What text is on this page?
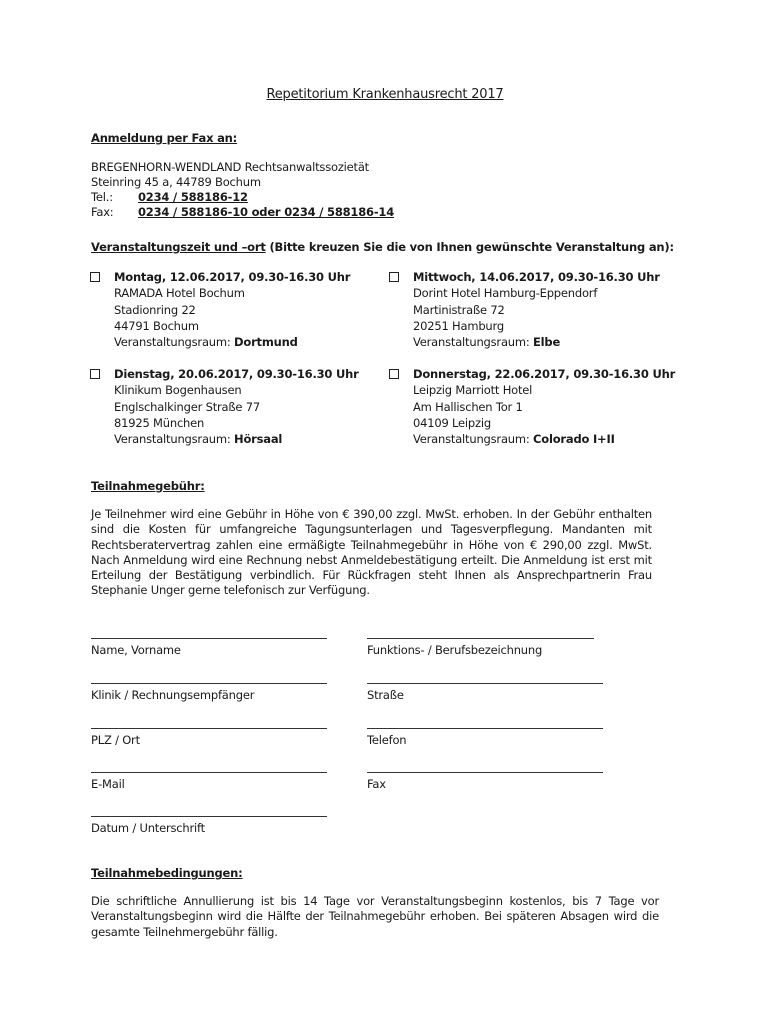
Repetitorium Krankenhausrecht 2017
Anmeldung per Fax an:
BREGENHORN-WENDLAND Rechtsanwaltssozietät
Steinring 45 a, 44789 Bochum
Tel.: 0234 / 588186-12
Fax: 0234 / 588186-10 oder 0234 / 588186-14
Veranstaltungszeit und –ort (Bitte kreuzen Sie die von Ihnen gewünschte Veranstaltung an):
Montag, 12.06.2017, 09.30-16.30 Uhr
RAMADA Hotel Bochum
Stadionring 22
44791 Bochum
Veranstaltungsraum: Dortmund
Mittwoch, 14.06.2017, 09.30-16.30 Uhr
Dorint Hotel Hamburg-Eppendorf
Martinistraße 72
20251 Hamburg
Veranstaltungsraum: Elbe
Dienstag, 20.06.2017, 09.30-16.30 Uhr
Klinikum Bogenhausen
Englschalkinger Straße 77
81925 München
Veranstaltungsraum: Hörsaal
Donnerstag, 22.06.2017, 09.30-16.30 Uhr
Leipzig Marriott Hotel
Am Hallischen Tor 1
04109 Leipzig
Veranstaltungsraum: Colorado I+II
Teilnahmegebühr:
Je Teilnehmer wird eine Gebühr in Höhe von € 390,00 zzgl. MwSt. erhoben. In der Gebühr enthalten sind die Kosten für umfangreiche Tagungsunterlagen und Tagesverpflegung. Mandanten mit Rechtsberatervertrag zahlen eine ermäßigte Teilnahmegebühr in Höhe von € 290,00 zzgl. MwSt. Nach Anmeldung wird eine Rechnung nebst Anmeldebestätigung erteilt. Die Anmeldung ist erst mit Erteilung der Bestätigung verbindlich. Für Rückfragen steht Ihnen als Ansprechpartnerin Frau Stephanie Unger gerne telefonisch zur Verfügung.
Name, Vorname	Funktions- / Berufsbezeichnung
Klinik / Rechnungsempfänger	Straße
PLZ / Ort	Telefon
E-Mail	Fax
Datum / Unterschrift
Teilnahmebedingungen:
Die schriftliche Annullierung ist bis 14 Tage vor Veranstaltungsbeginn kostenlos, bis 7 Tage vor Veranstaltungsbeginn wird die Hälfte der Teilnahmegebühr erhoben. Bei späteren Absagen wird die gesamte Teilnehmergebühr fällig.
